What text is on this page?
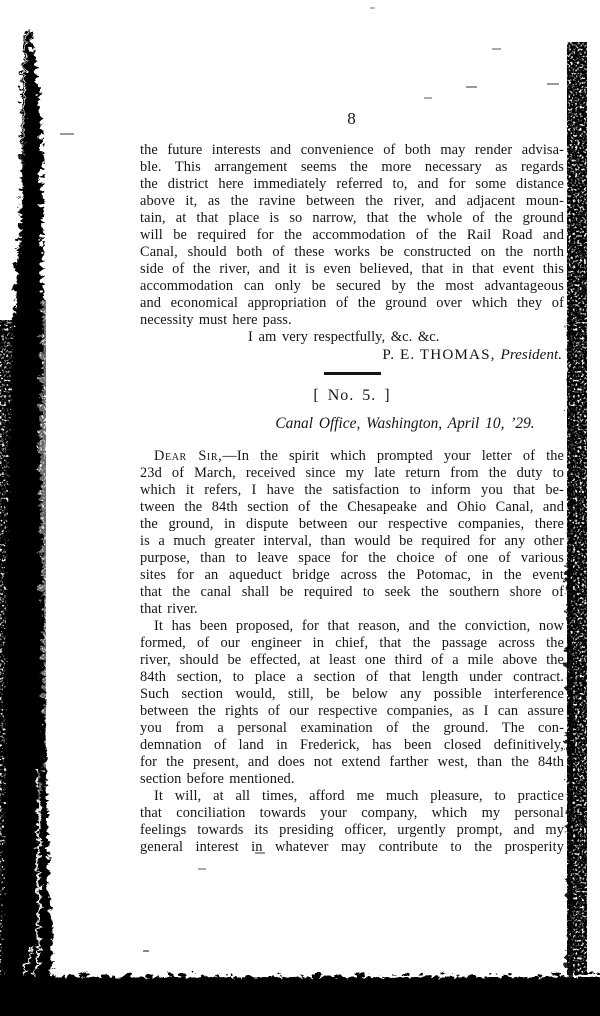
8
the future interests and convenience of both may render advisa-
ble. This arrangement seems the more necessary as regards
the district here immediately referred to, and for some distance
above it, as the ravine between the river, and adjacent moun-
tain, at that place is so narrow, that the whole of the ground
will be required for the accommodation of the Rail Road and
Canal, should both of these works be constructed on the north
side of the river, and it is even believed, that in that event this
accommodation can only be secured by the most advantageous
and economical appropriation of the ground over which they of
necessity must here pass.
I am very respectfully, &c. &c.
P. E. THOMAS, President.
[ No. 5. ]
Canal Office, Washington, April 10, ’29.
Dear Sir,—In the spirit which prompted your letter of the
23d of March, received since my late return from the duty to
which it refers, I have the satisfaction to inform you that be-
tween the 84th section of the Chesapeake and Ohio Canal, and
the ground, in dispute between our respective companies, there
is a much greater interval, than would be required for any other
purpose, than to leave space for the choice of one of various
sites for an aqueduct bridge across the Potomac, in the event
that the canal shall be required to seek the southern shore of
that river.
It has been proposed, for that reason, and the conviction, now
formed, of our engineer in chief, that the passage across the
river, should be effected, at least one third of a mile above the
84th section, to place a section of that length under contract.
Such section would, still, be below any possible interference
between the rights of our respective companies, as I can assure
you from a personal examination of the ground. The con-
demnation of land in Frederick, has been closed definitively,
for the present, and does not extend farther west, than the 84th
section before mentioned.
It will, at all times, afford me much pleasure, to practice
that conciliation towards your company, which my personal
feelings towards its presiding officer, urgently prompt, and my
general interest in whatever may contribute to the prosperity
